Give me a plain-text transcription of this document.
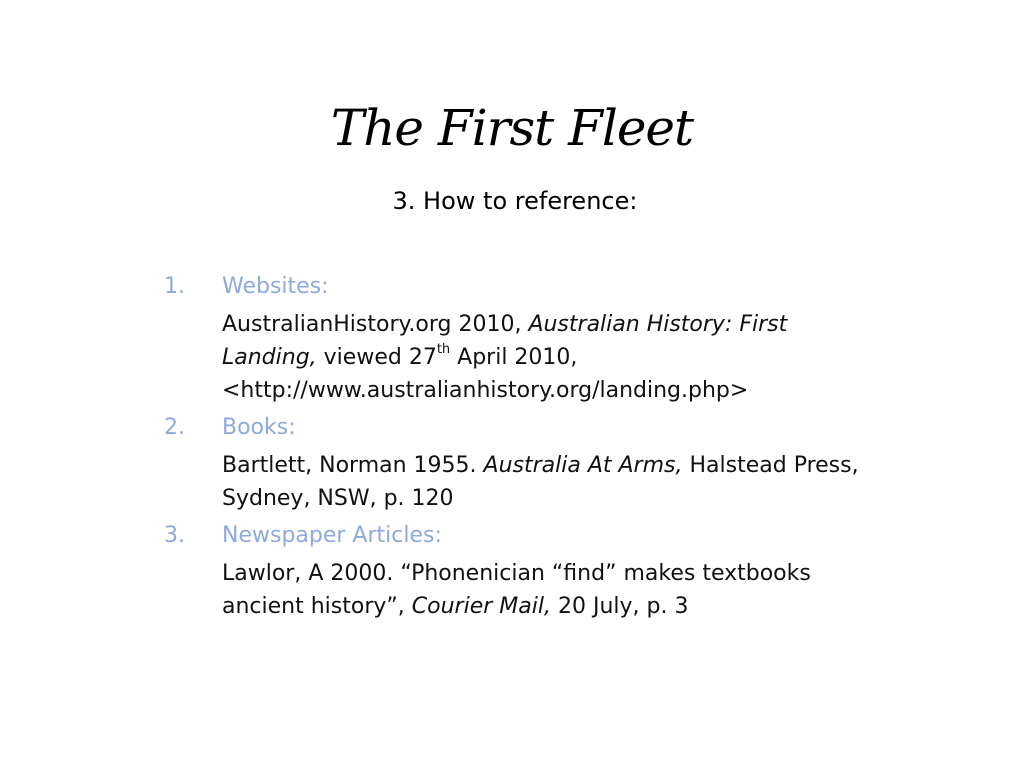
The First Fleet
3. How to reference:
1. Websites:
AustralianHistory.org 2010, Australian History: First Landing, viewed 27th April 2010, <http://www.australianhistory.org/landing.php>
2. Books:
Bartlett, Norman 1955. Australia At Arms, Halstead Press, Sydney, NSW, p. 120
3. Newspaper Articles:
Lawlor, A 2000. “Phonenician “find” makes textbooks ancient history”, Courier Mail, 20 July, p. 3
